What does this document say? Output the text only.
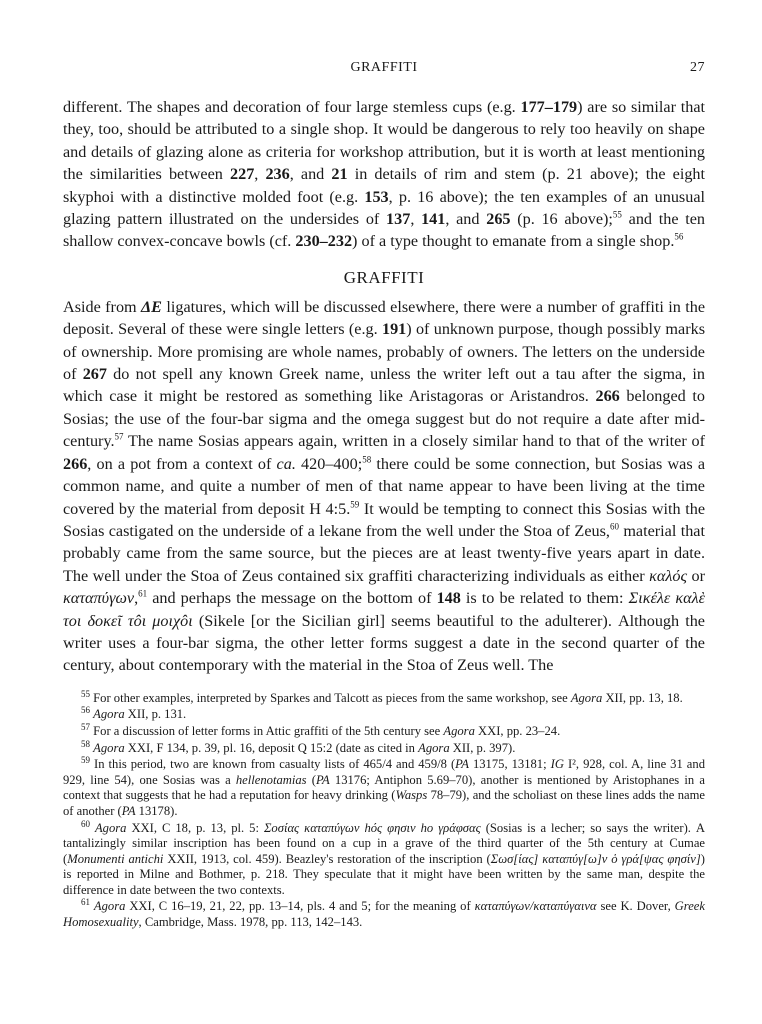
GRAFFITI	27

different. The shapes and decoration of four large stemless cups (e.g. 177–179) are so similar that they, too, should be attributed to a single shop. It would be dangerous to rely too heavily on shape and details of glazing alone as criteria for workshop attribution, but it is worth at least mentioning the similarities between 227, 236, and 21 in details of rim and stem (p. 21 above); the eight skyphoi with a distinctive molded foot (e.g. 153, p. 16 above); the ten examples of an unusual glazing pattern illustrated on the undersides of 137, 141, and 265 (p. 16 above);$^{55}$ and the ten shallow convex-concave bowls (cf. 230–232) of a type thought to emanate from a single shop.$^{56}$

GRAFFITI

Aside from ΔΕ ligatures, which will be discussed elsewhere, there were a number of graffiti in the deposit. Several of these were single letters (e.g. 191) of unknown purpose, though possibly marks of ownership. More promising are whole names, probably of owners. The letters on the underside of 267 do not spell any known Greek name, unless the writer left out a tau after the sigma, in which case it might be restored as something like Aristagoras or Aristandros. 266 belonged to Sosias; the use of the four-bar sigma and the omega suggest but do not require a date after mid-century.$^{57}$ The name Sosias appears again, written in a closely similar hand to that of the writer of 266, on a pot from a context of ca. 420–400;$^{58}$ there could be some connection, but Sosias was a common name, and quite a number of men of that name appear to have been living at the time covered by the material from deposit H 4:5.59 It would be tempting to connect this Sosias with the Sosias castigated on the underside of a lekane from the well under the Stoa of Zeus,$^{60}$ material that probably came from the same source, but the pieces are at least twenty-five years apart in date. The well under the Stoa of Zeus contained six graffiti characterizing individuals as either καλός or καταπύγων,$^{61}$ and perhaps the message on the bottom of 148 is to be related to them: Σικέλε καλὲ τοι δοκεῖ τôι μοιχôι (Sikele [or the Sicilian girl] seems beautiful to the adulterer). Although the writer uses a four-bar sigma, the other letter forms suggest a date in the second quarter of the century, about contemporary with the material in the Stoa of Zeus well. The

$^{55}$ For other examples, interpreted by Sparkes and Talcott as pieces from the same workshop, see Agora XII, pp. 13, 18.

$^{56}$ Agora XII, p. 131.

$^{57}$ For a discussion of letter forms in Attic graffiti of the 5th century see Agora XXI, pp. 23–24.

$^{58}$ Agora XXI, F 134, p. 39, pl. 16, deposit Q 15:2 (date as cited in Agora XII, p. 397).

$^{59}$ In this period, two are known from casualty lists of 465/4 and 459/8 (PA 13175, 13181; IG I², 928, col. A, line 31 and 929, line 54), one Sosias was a hellenotamias (PA 13176; Antiphon 5.69–70), another is mentioned by Aristophanes in a context that suggests that he had a reputation for heavy drinking (Wasps 78–79), and the scholiast on these lines adds the name of another (PA 13178).

$^{60}$ Agora XXI, C 18, p. 13, pl. 5: Σοσίας καταπύγων hός φησιν ho γράφσας (Sosias is a lecher; so says the writer). A tantalizingly similar inscription has been found on a cup in a grave of the third quarter of the 5th century at Cumae (Monumenti antichi XXII, 1913, col. 459). Beazley's restoration of the inscription (Σωσ[ίας] καταπύγ[ω]ν ὁ γρά[ψας φησίν]) is reported in Milne and Bothmer, p. 218. They speculate that it might have been written by the same man, despite the difference in date between the two contexts.

$^{61}$ Agora XXI, C 16–19, 21, 22, pp. 13–14, pls. 4 and 5; for the meaning of καταπύγων/καταπύγαινα see K. Dover, Greek Homosexuality, Cambridge, Mass. 1978, pp. 113, 142–143.
